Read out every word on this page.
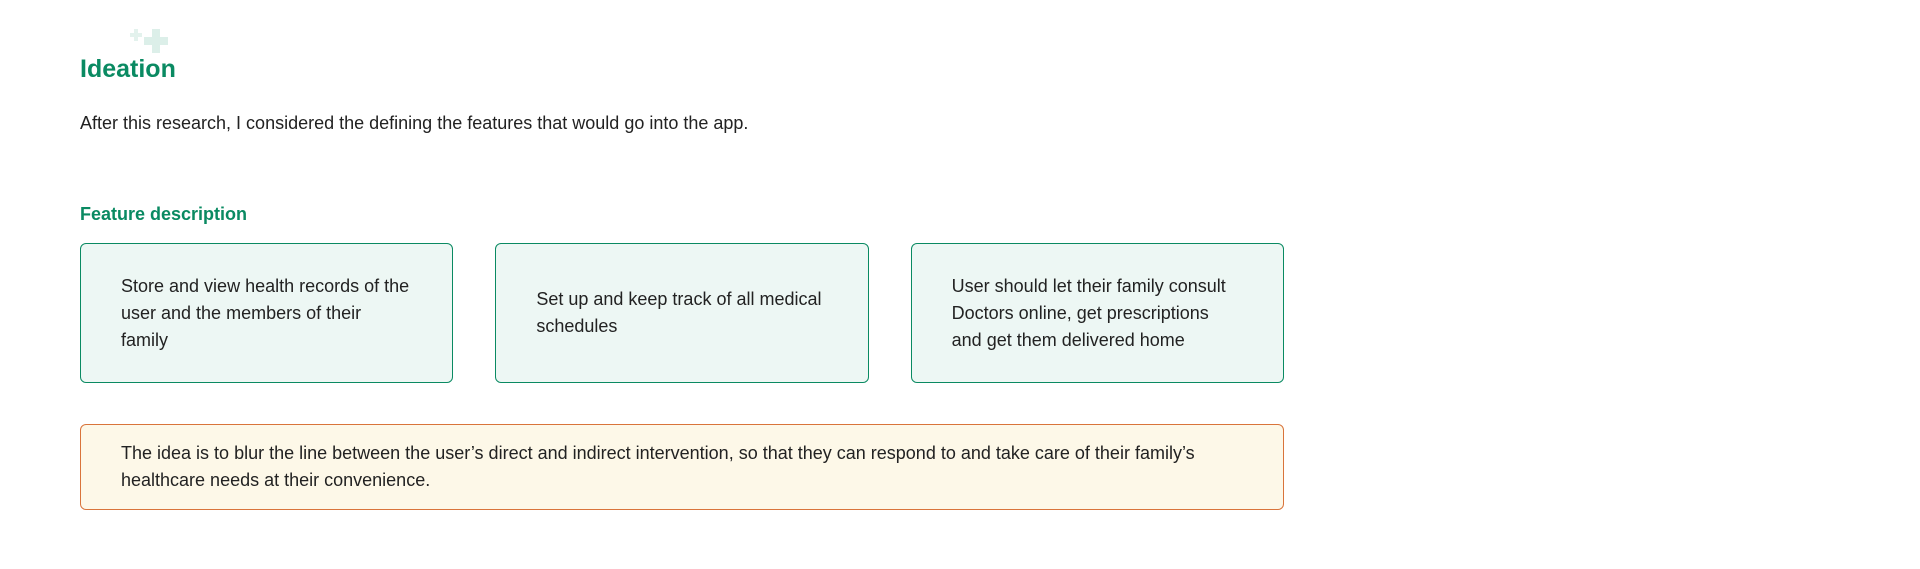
Ideation

After this research, I considered the defining the features that would go into the app.

Feature description

Store and view health records of the user and the members of their family

Set up and keep track of all medical schedules

User should let their family consult Doctors online, get prescriptions and get them delivered home

The idea is to blur the line between the user’s direct and indirect intervention, so that they can respond to and take care of their family’s healthcare needs at their convenience.
